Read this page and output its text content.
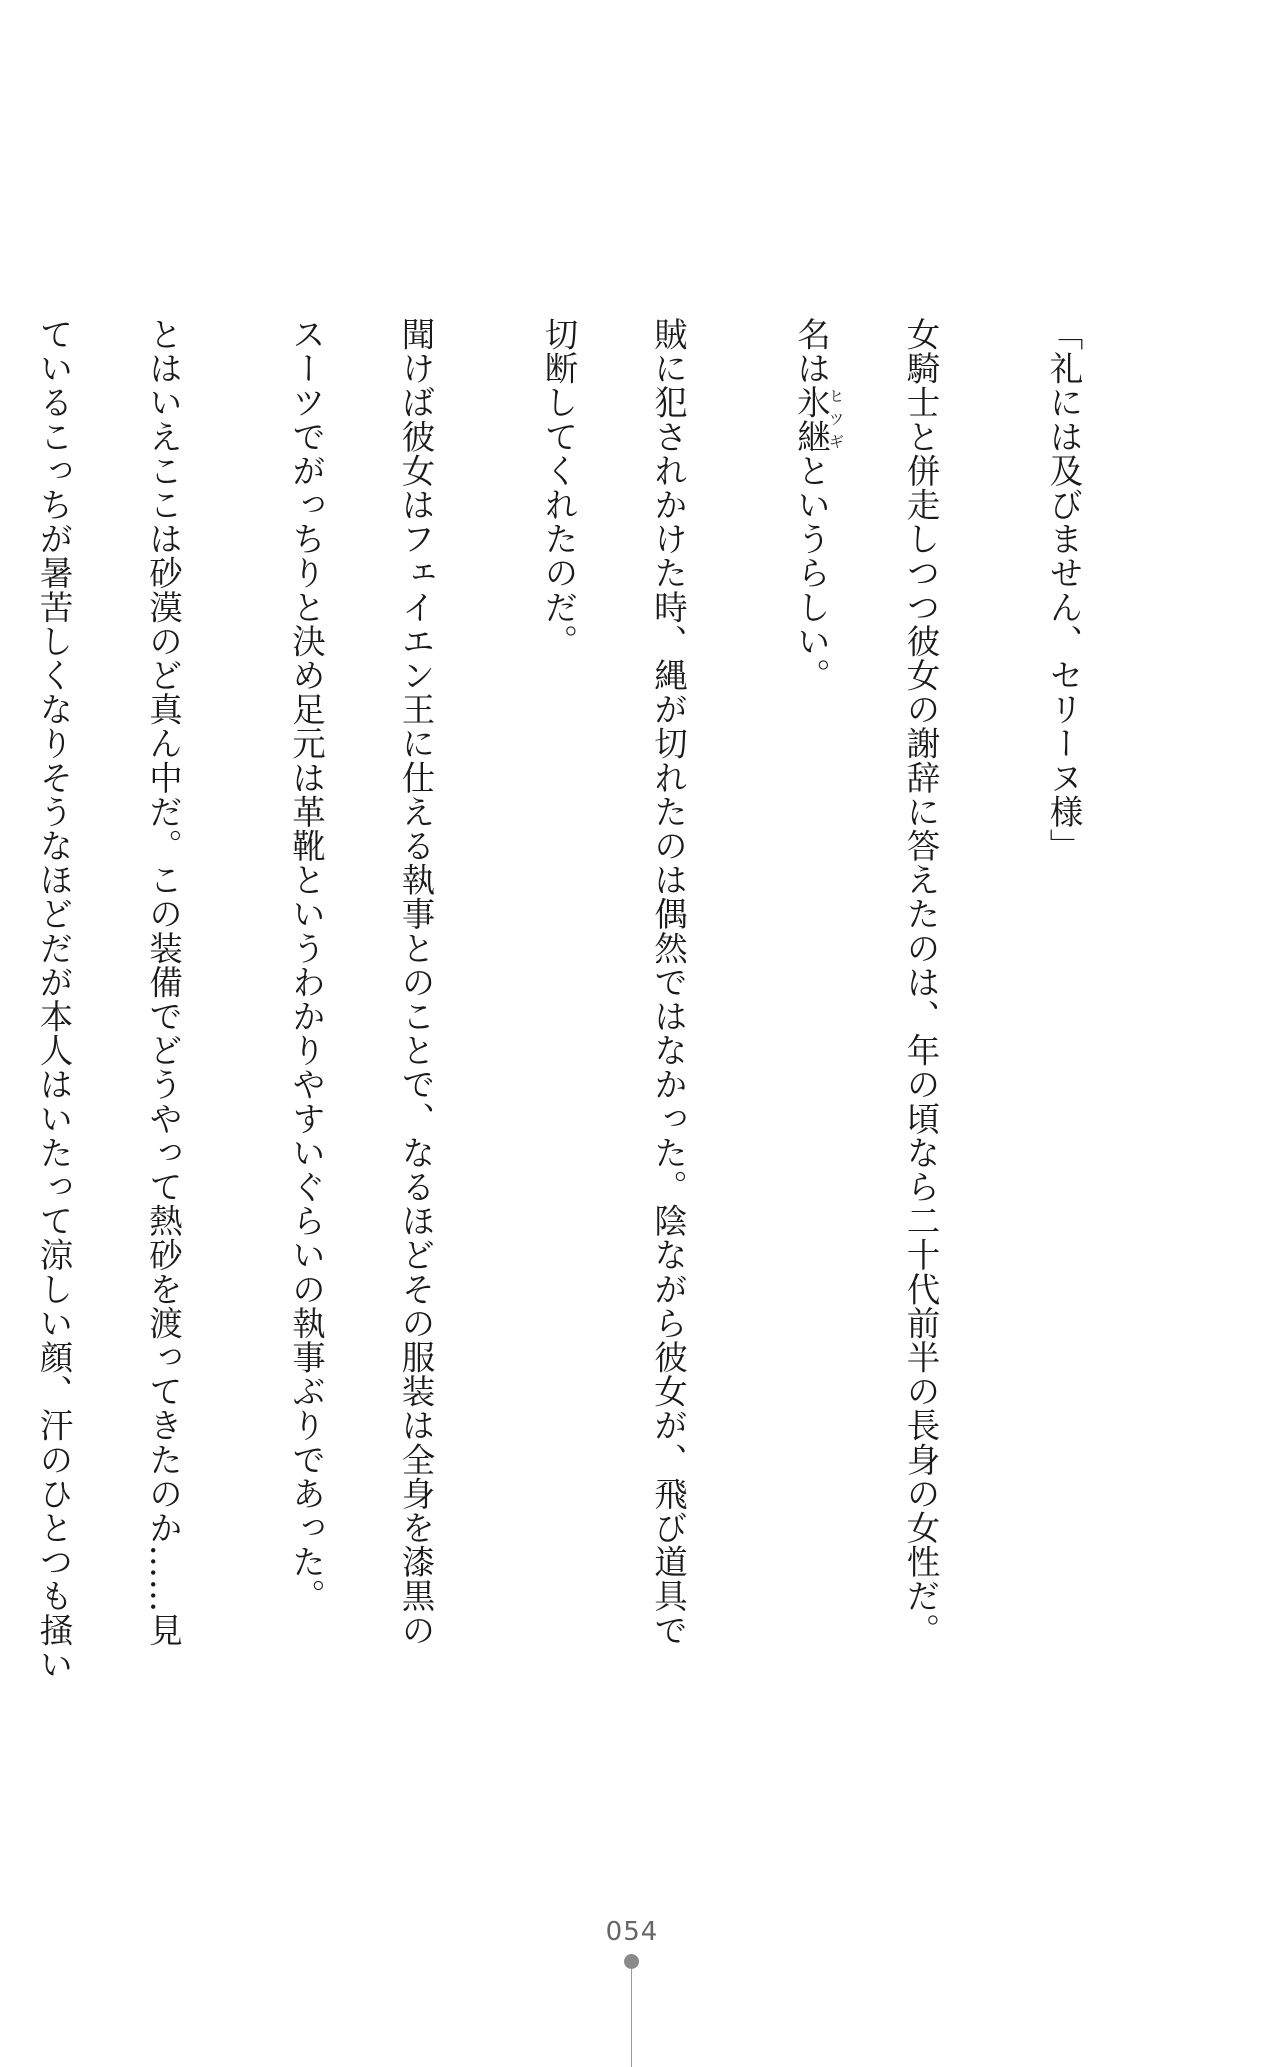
「礼には及びません、セリーヌ様」
女騎士と併走しつつ彼女の謝辞に答えたのは、年の頃なら二十代前半の長身の女性だ。
名は氷継ヒツギというらしい。
賊に犯されかけた時、縄が切れたのは偶然ではなかった。陰ながら彼女が、飛び道具で
切断してくれたのだ。
聞けば彼女はフェイエン王に仕える執事とのことで、なるほどその服装は全身を漆黒の
スーツでがっちりと決め足元は革靴というわかりやすいぐらいの執事ぶりであった。
とはいえここは砂漠のど真ん中だ。この装備でどうやって熱砂を渡ってきたのか……見
ているこっちが暑苦しくなりそうなほどだが本人はいたって涼しい顔、汗のひとつも掻い
054
